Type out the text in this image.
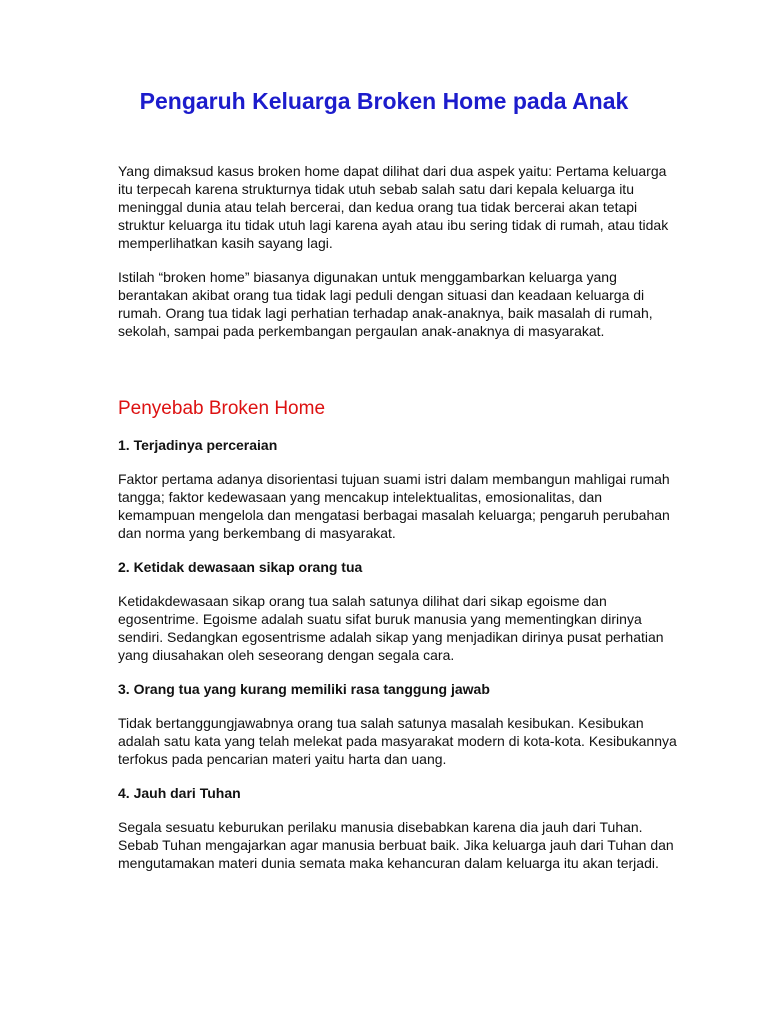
Pengaruh Keluarga Broken Home pada Anak

Yang dimaksud kasus broken home dapat dilihat dari dua aspek yaitu: Pertama keluarga itu terpecah karena strukturnya tidak utuh sebab salah satu dari kepala keluarga itu meninggal dunia atau telah bercerai, dan kedua orang tua tidak bercerai akan tetapi struktur keluarga itu tidak utuh lagi karena ayah atau ibu sering tidak di rumah, atau tidak memperlihatkan kasih sayang lagi.

Istilah “broken home” biasanya digunakan untuk menggambarkan keluarga yang berantakan akibat orang tua tidak lagi peduli dengan situasi dan keadaan keluarga di rumah. Orang tua tidak lagi perhatian terhadap anak-anaknya, baik masalah di rumah, sekolah, sampai pada perkembangan pergaulan anak-anaknya di masyarakat.

Penyebab Broken Home

1. Terjadinya perceraian

Faktor pertama adanya disorientasi tujuan suami istri dalam membangun mahligai rumah tangga; faktor kedewasaan yang mencakup intelektualitas, emosionalitas, dan kemampuan mengelola dan mengatasi berbagai masalah keluarga; pengaruh perubahan dan norma yang berkembang di masyarakat.

2. Ketidak dewasaan sikap orang tua

Ketidakdewasaan sikap orang tua salah satunya dilihat dari sikap egoisme dan egosentrime. Egoisme adalah suatu sifat buruk manusia yang mementingkan dirinya sendiri. Sedangkan egosentrisme adalah sikap yang menjadikan dirinya pusat perhatian yang diusahakan oleh seseorang dengan segala cara.

3. Orang tua yang kurang memiliki rasa tanggung jawab

Tidak bertanggungjawabnya orang tua salah satunya masalah kesibukan. Kesibukan adalah satu kata yang telah melekat pada masyarakat modern di kota-kota. Kesibukannya terfokus pada pencarian materi yaitu harta dan uang.

4. Jauh dari Tuhan

Segala sesuatu keburukan perilaku manusia disebabkan karena dia jauh dari Tuhan. Sebab Tuhan mengajarkan agar manusia berbuat baik. Jika keluarga jauh dari Tuhan dan mengutamakan materi dunia semata maka kehancuran dalam keluarga itu akan terjadi.
